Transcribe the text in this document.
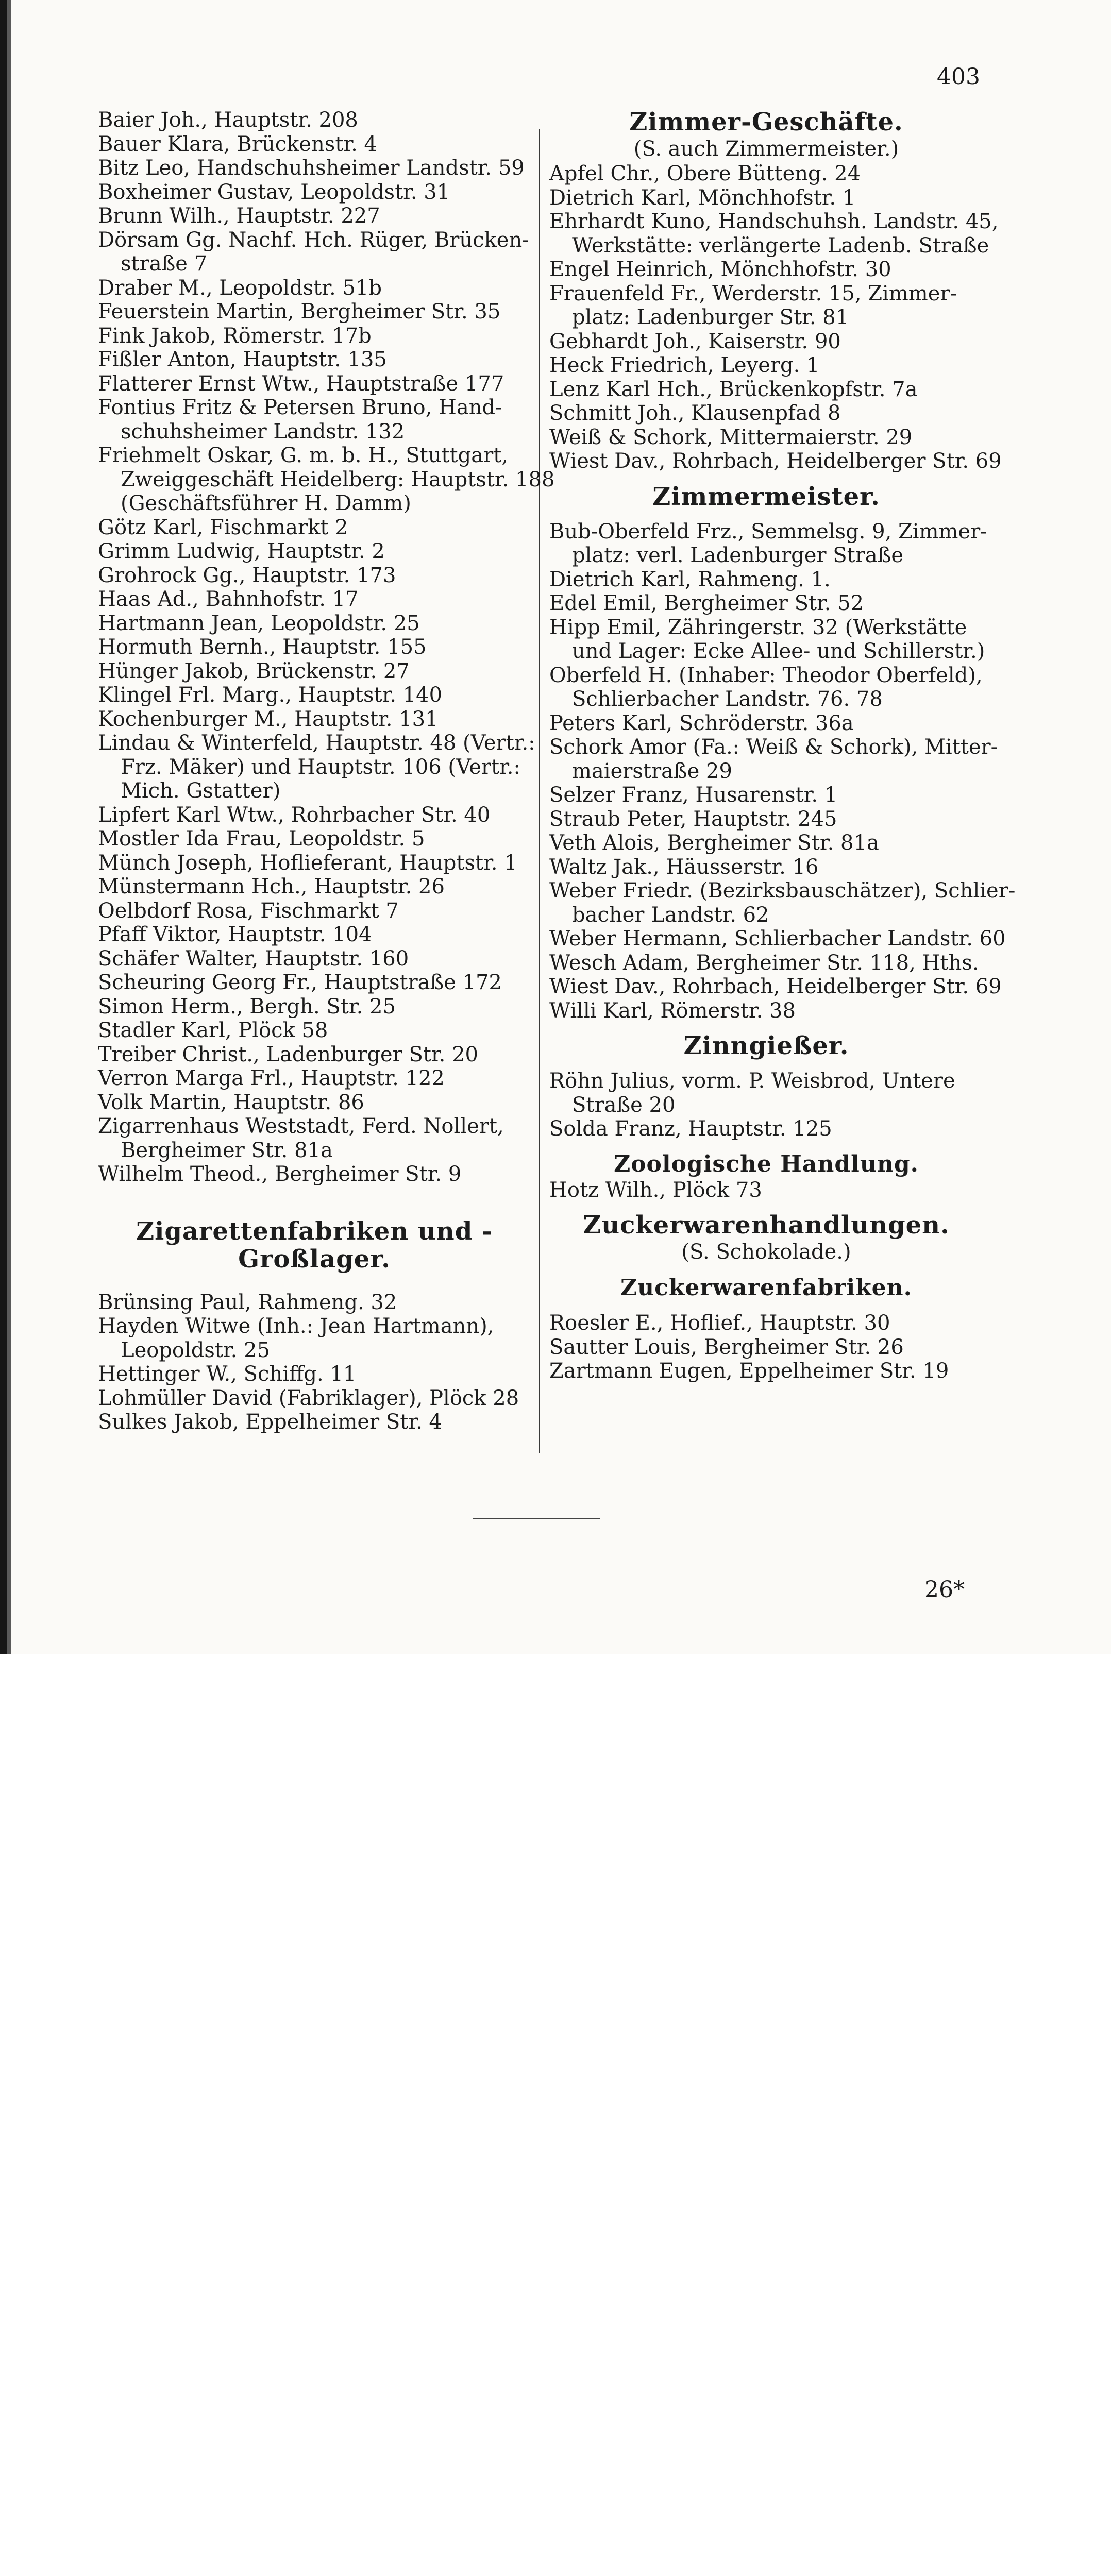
403
Baier Joh., Hauptstr. 208
Bauer Klara, Brückenstr. 4
Bitz Leo, Handschuhsheimer Landstr. 59
Boxheimer Gustav, Leopoldstr. 31
Brunn Wilh., Hauptstr. 227
Dörsam Gg. Nachf. Hch. Rüger, Brücken-
straße 7
Draber M., Leopoldstr. 51b
Feuerstein Martin, Bergheimer Str. 35
Fink Jakob, Römerstr. 17b
Fißler Anton, Hauptstr. 135
Flatterer Ernst Wtw., Hauptstraße 177
Fontius Fritz & Petersen Bruno, Hand-
schuhsheimer Landstr. 132
Friehmelt Oskar, G. m. b. H., Stuttgart,
Zweiggeschäft Heidelberg: Hauptstr. 188
(Geschäftsführer H. Damm)
Götz Karl, Fischmarkt 2
Grimm Ludwig, Hauptstr. 2
Grohrock Gg., Hauptstr. 173
Haas Ad., Bahnhofstr. 17
Hartmann Jean, Leopoldstr. 25
Hormuth Bernh., Hauptstr. 155
Hünger Jakob, Brückenstr. 27
Klingel Frl. Marg., Hauptstr. 140
Kochenburger M., Hauptstr. 131
Lindau & Winterfeld, Hauptstr. 48 (Vertr.:
Frz. Mäker) und Hauptstr. 106 (Vertr.:
Mich. Gstatter)
Lipfert Karl Wtw., Rohrbacher Str. 40
Mostler Ida Frau, Leopoldstr. 5
Münch Joseph, Hoflieferant, Hauptstr. 1
Münstermann Hch., Hauptstr. 26
Oelbdorf Rosa, Fischmarkt 7
Pfaff Viktor, Hauptstr. 104
Schäfer Walter, Hauptstr. 160
Scheuring Georg Fr., Hauptstraße 172
Simon Herm., Bergh. Str. 25
Stadler Karl, Plöck 58
Treiber Christ., Ladenburger Str. 20
Verron Marga Frl., Hauptstr. 122
Volk Martin, Hauptstr. 86
Zigarrenhaus Weststadt, Ferd. Nollert,
Bergheimer Str. 81a
Wilhelm Theod., Bergheimer Str. 9
Zigarettenfabriken und -Großlager.
Brünsing Paul, Rahmeng. 32
Hayden Witwe (Inh.: Jean Hartmann),
Leopoldstr. 25
Hettinger W., Schiffg. 11
Lohmüller David (Fabriklager), Plöck 28
Sulkes Jakob, Eppelheimer Str. 4
Zimmer-Geschäfte.
(S. auch Zimmermeister.)
Apfel Chr., Obere Bütteng. 24
Dietrich Karl, Mönchhofstr. 1
Ehrhardt Kuno, Handschuhsh. Landstr. 45,
Werkstätte: verlängerte Ladenb. Straße
Engel Heinrich, Mönchhofstr. 30
Frauenfeld Fr., Werderstr. 15, Zimmer-
platz: Ladenburger Str. 81
Gebhardt Joh., Kaiserstr. 90
Heck Friedrich, Leyerg. 1
Lenz Karl Hch., Brückenkopfstr. 7a
Schmitt Joh., Klausenpfad 8
Weiß & Schork, Mittermaierstr. 29
Wiest Dav., Rohrbach, Heidelberger Str. 69
Zimmermeister.
Bub-Oberfeld Frz., Semmelsg. 9, Zimmer-
platz: verl. Ladenburger Straße
Dietrich Karl, Rahmeng. 1.
Edel Emil, Bergheimer Str. 52
Hipp Emil, Zähringerstr. 32 (Werkstätte
und Lager: Ecke Allee- und Schillerstr.)
Oberfeld H. (Inhaber: Theodor Oberfeld),
Schlierbacher Landstr. 76. 78
Peters Karl, Schröderstr. 36a
Schork Amor (Fa.: Weiß & Schork), Mitter-
maierstraße 29
Selzer Franz, Husarenstr. 1
Straub Peter, Hauptstr. 245
Veth Alois, Bergheimer Str. 81a
Waltz Jak., Häusserstr. 16
Weber Friedr. (Bezirksbauschätzer), Schlier-
bacher Landstr. 62
Weber Hermann, Schlierbacher Landstr. 60
Wesch Adam, Bergheimer Str. 118, Hths.
Wiest Dav., Rohrbach, Heidelberger Str. 69
Willi Karl, Römerstr. 38
Zinngießer.
Röhn Julius, vorm. P. Weisbrod, Untere
Straße 20
Solda Franz, Hauptstr. 125
Zoologische Handlung.
Hotz Wilh., Plöck 73
Zuckerwarenhandlungen.
(S. Schokolade.)
Zuckerwarenfabriken.
Roesler E., Hoflief., Hauptstr. 30
Sautter Louis, Bergheimer Str. 26
Zartmann Eugen, Eppelheimer Str. 19
26*
